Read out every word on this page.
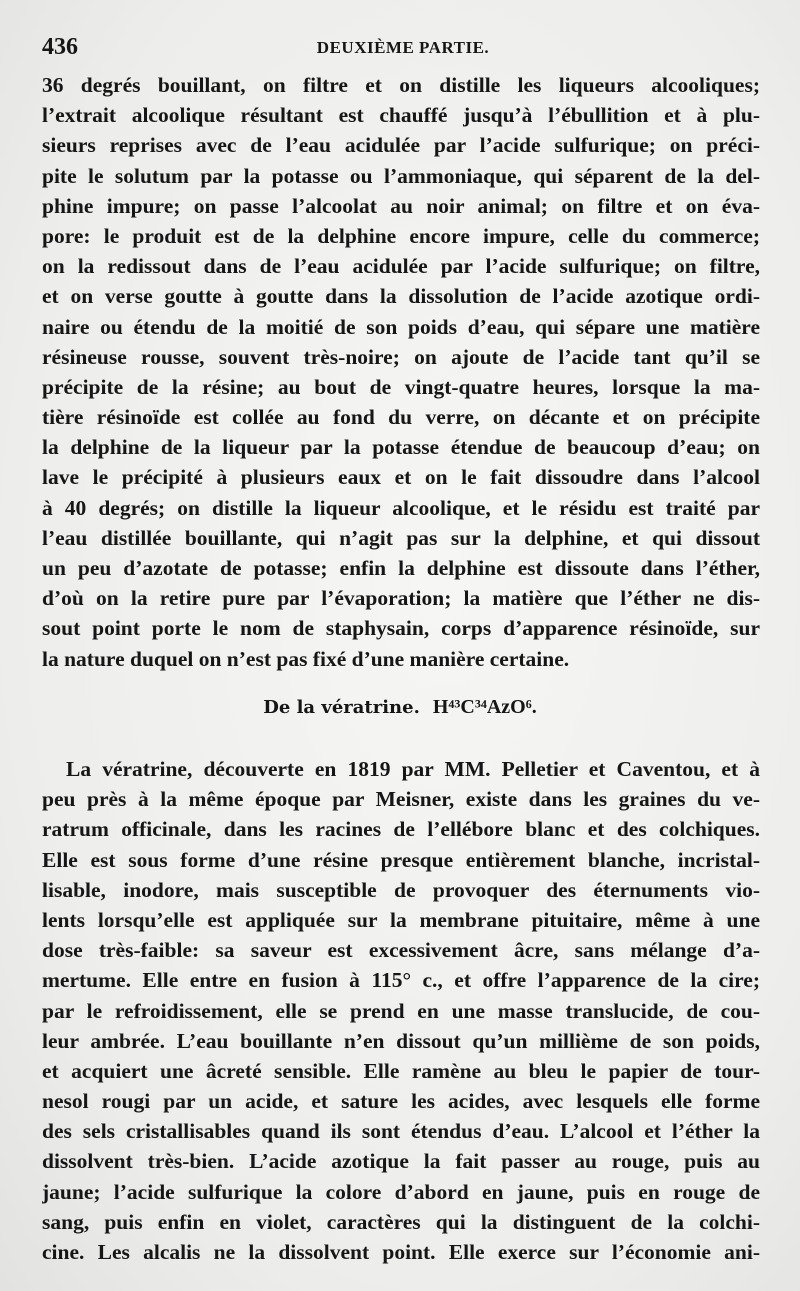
436	DEUXIÈME PARTIE.
36 degrés bouillant, on filtre et on distille les liqueurs alcooliques;
l’extrait alcoolique résultant est chauffé jusqu’à l’ébullition et à plu-
sieurs reprises avec de l’eau acidulée par l’acide sulfurique; on préci-
pite le solutum par la potasse ou l’ammoniaque, qui séparent de la del-
phine impure; on passe l’alcoolat au noir animal; on filtre et on éva-
pore: le produit est de la delphine encore impure, celle du commerce;
on la redissout dans de l’eau acidulée par l’acide sulfurique; on filtre,
et on verse goutte à goutte dans la dissolution de l’acide azotique ordi-
naire ou étendu de la moitié de son poids d’eau, qui sépare une matière
résineuse rousse, souvent très-noire; on ajoute de l’acide tant qu’il se
précipite de la résine; au bout de vingt-quatre heures, lorsque la ma-
tière résinoïde est collée au fond du verre, on décante et on précipite
la delphine de la liqueur par la potasse étendue de beaucoup d’eau; on
lave le précipité à plusieurs eaux et on le fait dissoudre dans l’alcool
à 40 degrés; on distille la liqueur alcoolique, et le résidu est traité par
l’eau distillée bouillante, qui n’agit pas sur la delphine, et qui dissout
un peu d’azotate de potasse; enfin la delphine est dissoute dans l’éther,
d’où on la retire pure par l’évaporation; la matière que l’éther ne dis-
sout point porte le nom de staphysain, corps d’apparence résinoïde, sur
la nature duquel on n’est pas fixé d’une manière certaine.
De la vératrine. H⁴³C³⁴AzO⁶.
La vératrine, découverte en 1819 par MM. Pelletier et Caventou, et à
peu près à la même époque par Meisner, existe dans les graines du ve-
ratrum officinale, dans les racines de l’ellébore blanc et des colchiques.
Elle est sous forme d’une résine presque entièrement blanche, incristal-
lisable, inodore, mais susceptible de provoquer des éternuments vio-
lents lorsqu’elle est appliquée sur la membrane pituitaire, même à une
dose très-faible: sa saveur est excessivement âcre, sans mélange d’a-
mertume. Elle entre en fusion à 115° c., et offre l’apparence de la cire;
par le refroidissement, elle se prend en une masse translucide, de cou-
leur ambrée. L’eau bouillante n’en dissout qu’un millième de son poids,
et acquiert une âcreté sensible. Elle ramène au bleu le papier de tour-
nesol rougi par un acide, et sature les acides, avec lesquels elle forme
des sels cristallisables quand ils sont étendus d’eau. L’alcool et l’éther la
dissolvent très-bien. L’acide azotique la fait passer au rouge, puis au
jaune; l’acide sulfurique la colore d’abord en jaune, puis en rouge de
sang, puis enfin en violet, caractères qui la distinguent de la colchi-
cine. Les alcalis ne la dissolvent point. Elle exerce sur l’économie ani-
